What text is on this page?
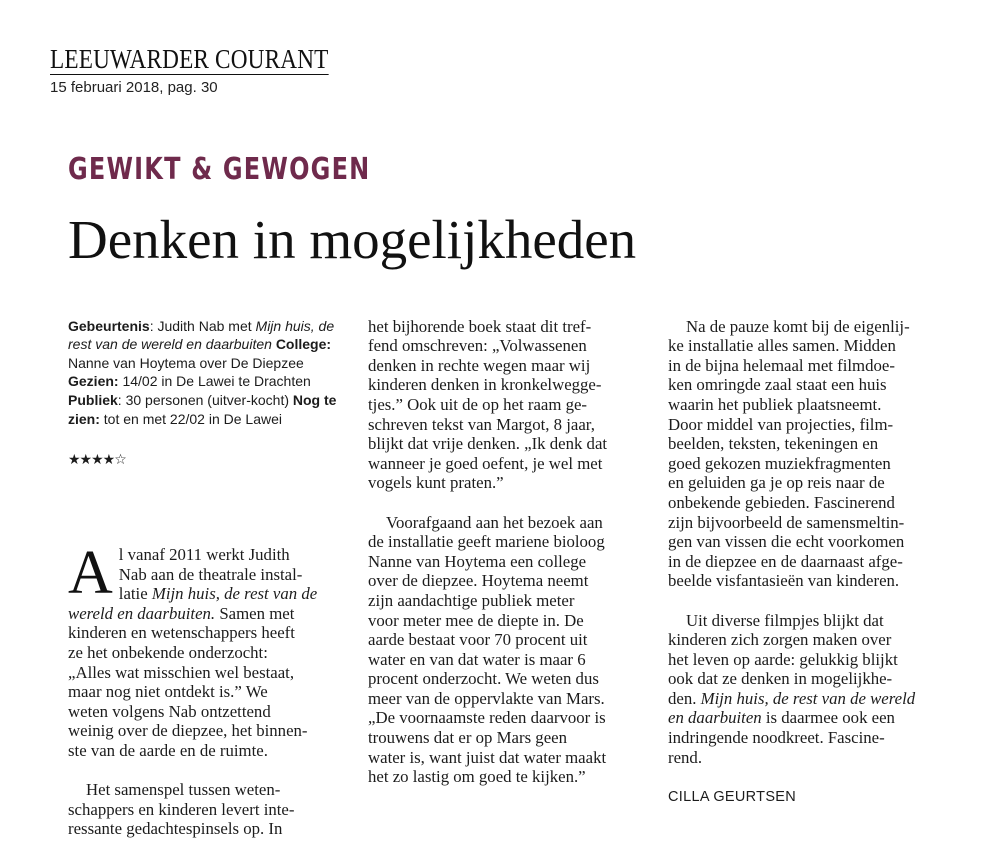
LEEUWARDER COURANT
15 februari 2018, pag. 30
GEWIKT & GEWOGEN
Denken in mogelijkheden

Gebeurtenis: Judith Nab met Mijn huis, de rest van de wereld en daarbuiten College: Nanne van Hoytema over De Diepzee Gezien: 14/02 in De Lawei te Drachten Publiek: 30 personen (uitver-kocht) Nog te zien: tot en met 22/02 in De Lawei

★★★★☆

Al vanaf 2011 werkt Judith
Nab aan de theatrale instal-
latie Mijn huis, de rest van de
wereld en daarbuiten. Samen met
kinderen en wetenschappers heeft
ze het onbekende onderzocht:
„Alles wat misschien wel bestaat,
maar nog niet ontdekt is.” We
weten volgens Nab ontzettend
weinig over de diepzee, het binnen-
ste van de aarde en de ruimte.

Het samenspel tussen weten-
schappers en kinderen levert inte-
ressante gedachtespinsels op. In

het bijhorende boek staat dit tref-
fend omschreven: „Volwassenen
denken in rechte wegen maar wij
kinderen denken in kronkelwegge-
tjes.” Ook uit de op het raam ge-
schreven tekst van Margot, 8 jaar,
blijkt dat vrije denken. „Ik denk dat
wanneer je goed oefent, je wel met
vogels kunt praten.”

Voorafgaand aan het bezoek aan
de installatie geeft mariene bioloog
Nanne van Hoytema een college
over de diepzee. Hoytema neemt
zijn aandachtige publiek meter
voor meter mee de diepte in. De
aarde bestaat voor 70 procent uit
water en van dat water is maar 6
procent onderzocht. We weten dus
meer van de oppervlakte van Mars.
„De voornaamste reden daarvoor is
trouwens dat er op Mars geen
water is, want juist dat water maakt
het zo lastig om goed te kijken.”

Na de pauze komt bij de eigenlij-
ke installatie alles samen. Midden
in de bijna helemaal met filmdoe-
ken omringde zaal staat een huis
waarin het publiek plaatsneemt.
Door middel van projecties, film-
beelden, teksten, tekeningen en
goed gekozen muziekfragmenten
en geluiden ga je op reis naar de
onbekende gebieden. Fascinerend
zijn bijvoorbeeld de samensmeltin-
gen van vissen die echt voorkomen
in de diepzee en de daarnaast afge-
beelde visfantasieën van kinderen.

Uit diverse filmpjes blijkt dat
kinderen zich zorgen maken over
het leven op aarde: gelukkig blijkt
ook dat ze denken in mogelijkhe-
den. Mijn huis, de rest van de wereld
en daarbuiten is daarmee ook een
indringende noodkreet. Fascine-
rend.

CILLA GEURTSEN
